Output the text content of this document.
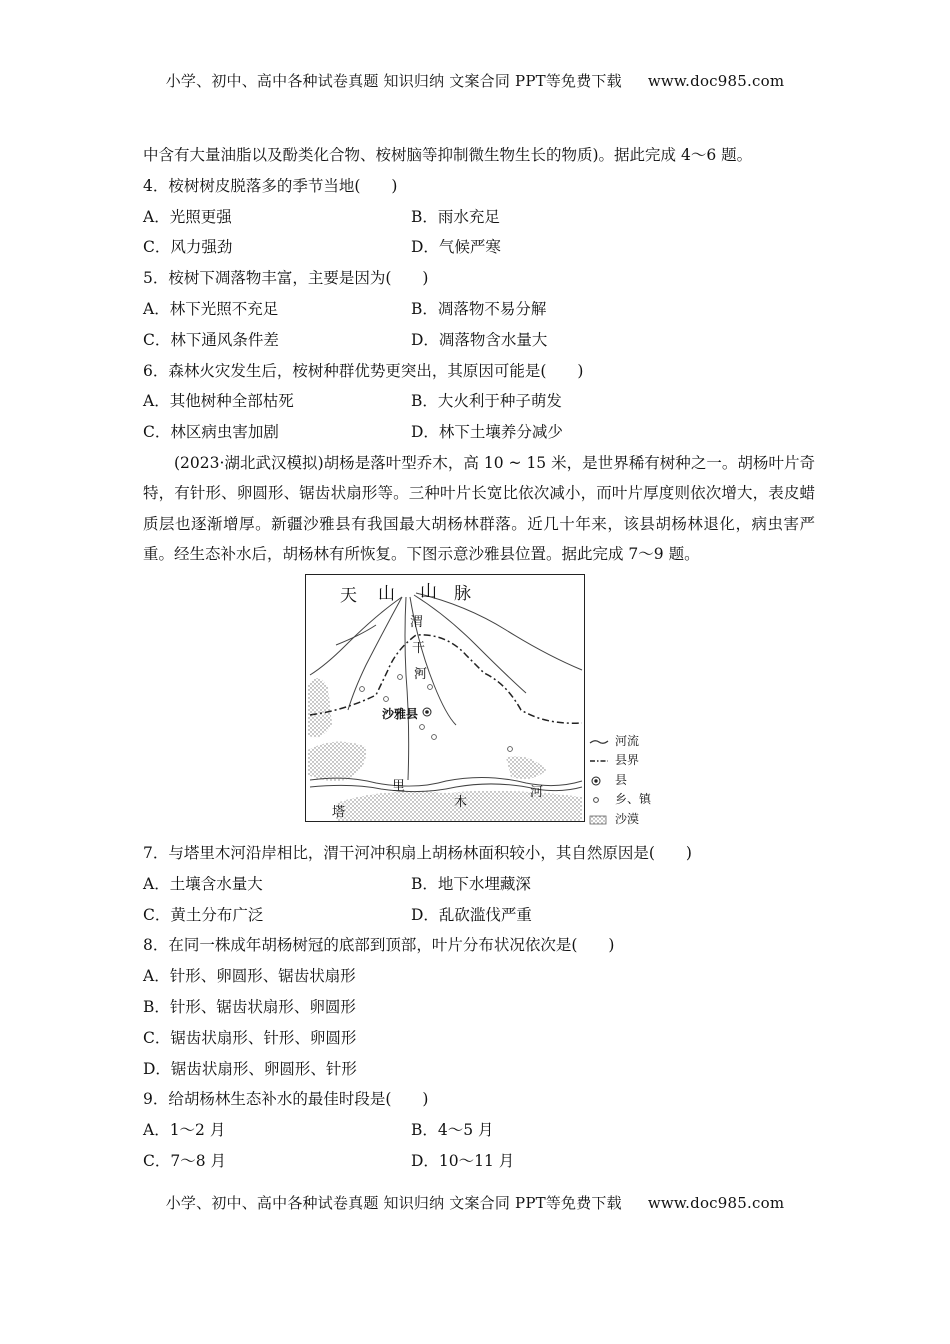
小学、初中、高中各种试卷真题 知识归纳 文案合同 PPT等免费下载 www.doc985.com
中含有大量油脂以及酚类化合物、桉树脑等抑制微生物生长的物质)。据此完成 4～6 题。
4．桉树树皮脱落多的季节当地(　　)
A．光照更强	B．雨水充足
C．风力强劲	D．气候严寒
5．桉树下凋落物丰富，主要是因为(　　)
A．林下光照不充足	B．凋落物不易分解
C．林下通风条件差	D．凋落物含水量大
6．森林火灾发生后，桉树种群优势更突出，其原因可能是(　　)
A．其他树种全部枯死	B．大火利于种子萌发
C．林区病虫害加剧	D．林下土壤养分减少

(2023·湖北武汉模拟)胡杨是落叶型乔木，高 10 ~ 15 米，是世界稀有树种之一。胡杨叶片奇特，有针形、卵圆形、锯齿状扇形等。三种叶片长宽比依次减小，而叶片厚度则依次增大，表皮蜡质层也逐渐增厚。新疆沙雅县有我国最大胡杨林群落。近几十年来，该县胡杨林退化，病虫害严重。经生态补水后，胡杨林有所恢复。下图示意沙雅县位置。据此完成 7～9 题。

天 山 山 脉
渭
干
河
沙雅县
塔
里
木
河
河流
县界
县
乡、镇
沙漠
7．与塔里木河沿岸相比，渭干河冲积扇上胡杨林面积较小，其自然原因是(　　)
A．土壤含水量大	B．地下水埋藏深
C．黄土分布广泛	D．乱砍滥伐严重
8．在同一株成年胡杨树冠的底部到顶部，叶片分布状况依次是(　　)
A．针形、卵圆形、锯齿状扇形
B．针形、锯齿状扇形、卵圆形
C．锯齿状扇形、针形、卵圆形
D．锯齿状扇形、卵圆形、针形
9．给胡杨林生态补水的最佳时段是(　　)
A．1～2 月	B．4～5 月
C．7～8 月	D．10～11 月
小学、初中、高中各种试卷真题 知识归纳 文案合同 PPT等免费下载 www.doc985.com
